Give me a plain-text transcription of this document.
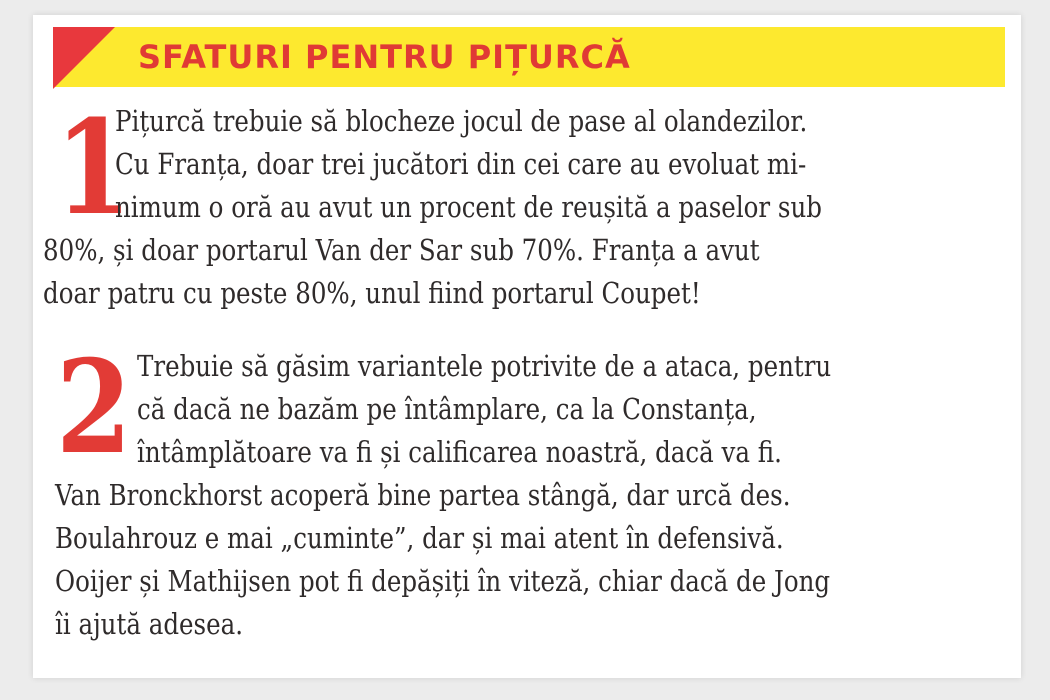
SFATURI PENTRU PIȚURCĂ
1
Pițurcă trebuie să blocheze jocul de pase al olandezilor.
Cu Franța, doar trei jucători din cei care au evoluat mi-
nimum o oră au avut un procent de reușită a paselor sub
80%, și doar portarul Van der Sar sub 70%. Franța a avut
doar patru cu peste 80%, unul fiind portarul Coupet!
2 Trebuie să găsim variantele potrivite de a ataca, pentru
că dacă ne bazăm pe întâmplare, ca la Constanța,
întâmplătoare va fi și calificarea noastră, dacă va fi.
Van Bronckhorst acoperă bine partea stângă, dar urcă des.
Boulahrouz e mai „cuminte”, dar și mai atent în defensivă.
Ooijer și Mathijsen pot fi depășiți în viteză, chiar dacă de Jong
îi ajută adesea.
